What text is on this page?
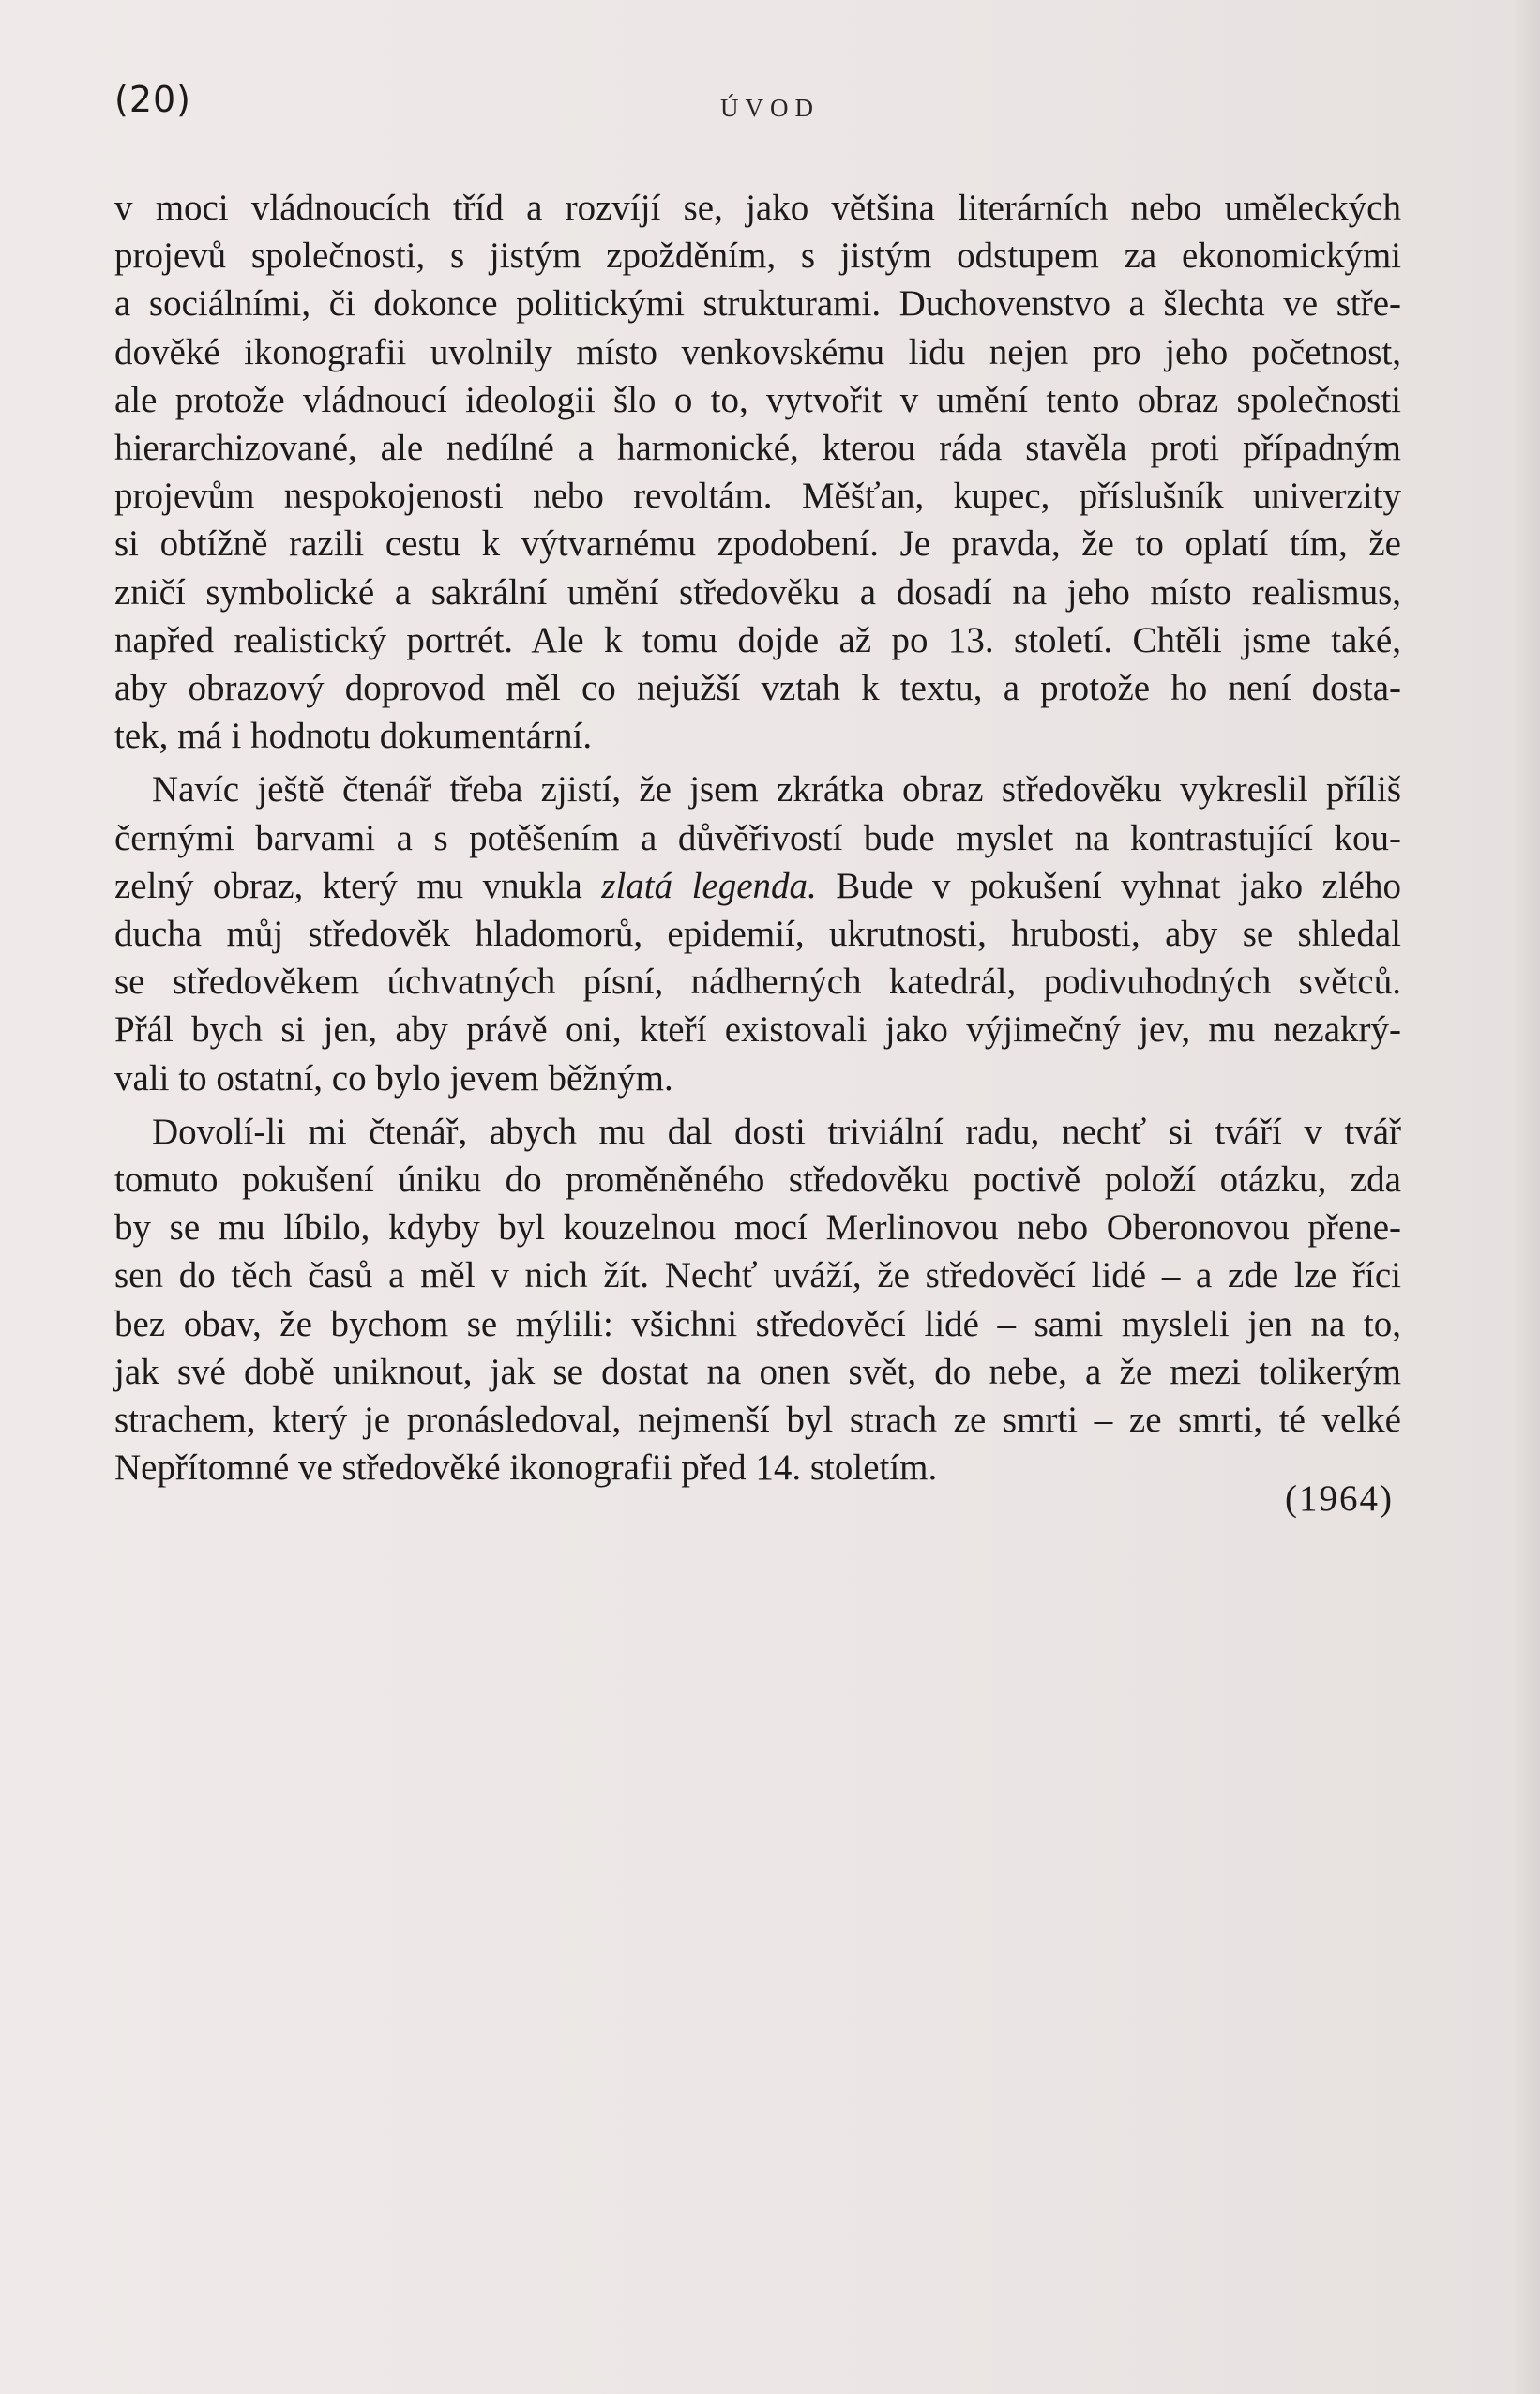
(20)	ÚVOD

v moci vládnoucích tříd a rozvíjí se, jako většina literárních nebo uměleckých
projevů společnosti, s jistým zpožděním, s jistým odstupem za ekonomickými
a sociálními, či dokonce politickými strukturami. Duchovenstvo a šlechta ve stře-
dověké ikonografii uvolnily místo venkovskému lidu nejen pro jeho početnost,
ale protože vládnoucí ideologii šlo o to, vytvořit v umění tento obraz společnosti
hierarchizované, ale nedílné a harmonické, kterou ráda stavěla proti případným
projevům nespokojenosti nebo revoltám. Měšťan, kupec, příslušník univerzity
si obtížně razili cestu k výtvarnému zpodobení. Je pravda, že to oplatí tím, že
zničí symbolické a sakrální umění středověku a dosadí na jeho místo realismus,
napřed realistický portrét. Ale k tomu dojde až po 13. století. Chtěli jsme také,
aby obrazový doprovod měl co nejužší vztah k textu, a protože ho není dosta-
tek, má i hodnotu dokumentární.

Navíc ještě čtenář třeba zjistí, že jsem zkrátka obraz středověku vykreslil příliš
černými barvami a s potěšením a důvěřivostí bude myslet na kontrastující kou-
zelný obraz, který mu vnukla zlatá legenda. Bude v pokušení vyhnat jako zlého
ducha můj středověk hladomorů, epidemií, ukrutnosti, hrubosti, aby se shledal
se středověkem úchvatných písní, nádherných katedrál, podivuhodných světců.
Přál bych si jen, aby právě oni, kteří existovali jako výjimečný jev, mu nezakrý-
vali to ostatní, co bylo jevem běžným.

Dovolí-li mi čtenář, abych mu dal dosti triviální radu, nechť si tváří v tvář
tomuto pokušení úniku do proměněného středověku poctivě položí otázku, zda
by se mu líbilo, kdyby byl kouzelnou mocí Merlinovou nebo Oberonovou přene-
sen do těch časů a měl v nich žít. Nechť uváží, že středověcí lidé – a zde lze říci
bez obav, že bychom se mýlili: všichni středověcí lidé – sami mysleli jen na to,
jak své době uniknout, jak se dostat na onen svět, do nebe, a že mezi tolikerým
strachem, který je pronásledoval, nejmenší byl strach ze smrti – ze smrti, té velké
Nepřítomné ve středověké ikonografii před 14. stoletím.

(1964)
